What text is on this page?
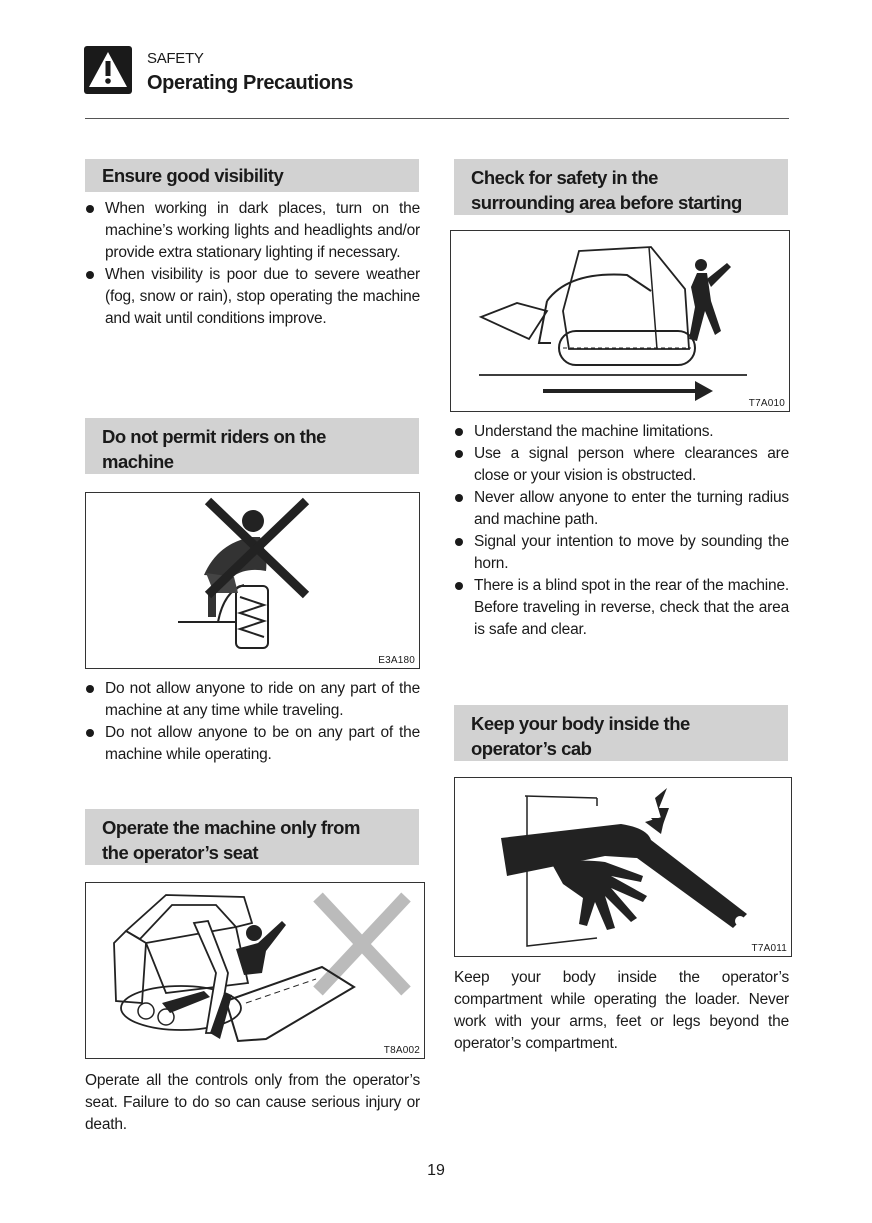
SAFETY
Operating Precautions
Ensure good visibility
When working in dark places, turn on the machine’s working lights and headlights and/or provide extra stationary lighting if necessary.
When visibility is poor due to severe weather (fog, snow or rain), stop operating the machine and wait until conditions improve.
Do not permit riders on the
machine
E3A180
Do not allow anyone to ride on any part of the machine at any time while traveling.
Do not allow anyone to be on any part of the machine while operating.
Operate the machine only from
the operator’s seat
T8A002
Operate all the controls only from the operator’s seat. Failure to do so can cause serious injury or death.
Check for safety in the
surrounding area before starting
T7A010
Understand the machine limitations.
Use a signal person where clearances are close or your vision is obstructed.
Never allow anyone to enter the turning radius and machine path.
Signal your intention to move by sounding the horn.
There is a blind spot in the rear of the machine. Before traveling in reverse, check that the area is safe and clear.
Keep your body inside the
operator’s cab
T7A011
Keep your body inside the operator’s compartment while operating the loader. Never work with your arms, feet or legs beyond the operator’s compartment.
19
